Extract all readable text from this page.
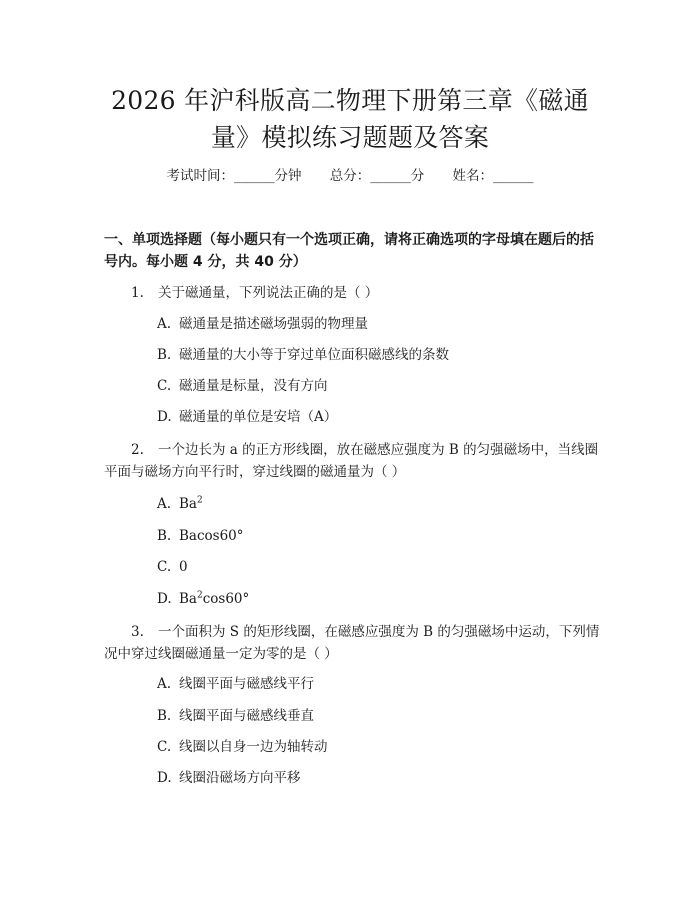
2026 年沪科版高二物理下册第三章《磁通
量》模拟练习题题及答案
考试时间：______分钟 总分：______分 姓名：______

一、单项选择题（每小题只有一个选项正确，请将正确选项的字母填在题后的括号内。每小题 4 分，共 40 分）

1. 关于磁通量，下列说法正确的是（ ）

A. 磁通量是描述磁场强弱的物理量
B. 磁通量的大小等于穿过单位面积磁感线的条数
C. 磁通量是标量，没有方向
D. 磁通量的单位是安培（A）

2. 一个边长为 a 的正方形线圈，放在磁感应强度为 B 的匀强磁场中，当线圈平面与磁场方向平行时，穿过线圈的磁通量为（ ）

A. Ba$^2$
B. Bacos60°
C. 0
D. Ba$^2$cos60°

3. 一个面积为 S 的矩形线圈，在磁感应强度为 B 的匀强磁场中运动，下列情况中穿过线圈磁通量一定为零的是（ ）

A. 线圈平面与磁感线平行
B. 线圈平面与磁感线垂直
C. 线圈以自身一边为轴转动
D. 线圈沿磁场方向平移
